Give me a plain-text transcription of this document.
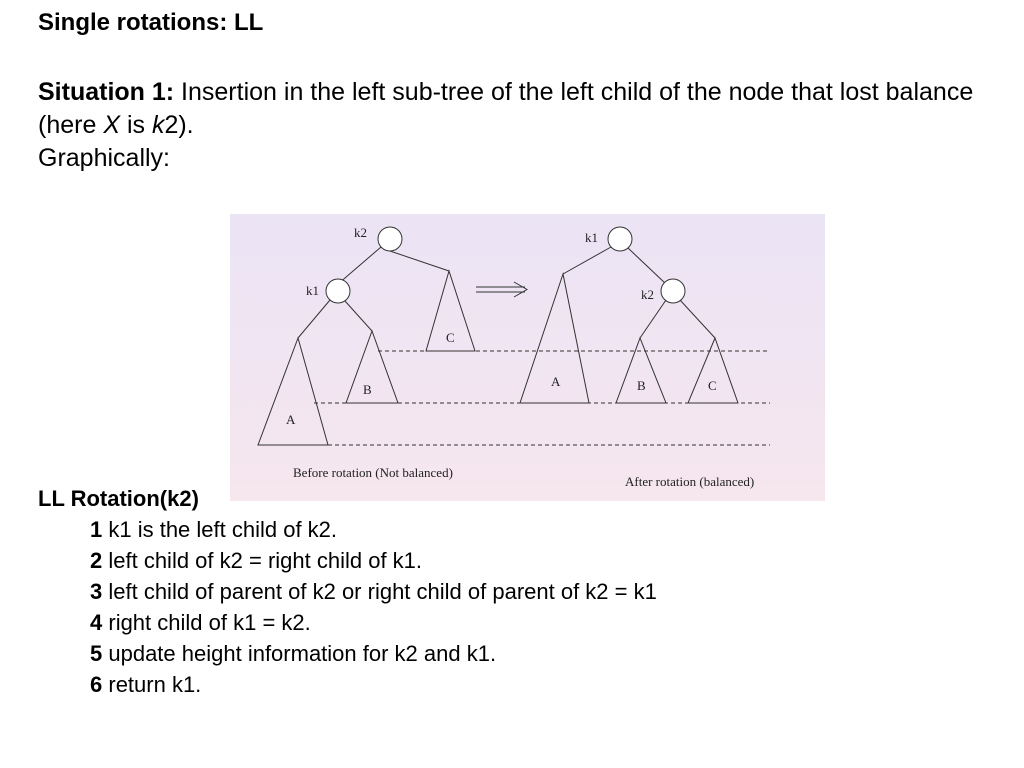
Single rotations: LL

Situation 1: Insertion in the left sub-tree of the left child of the node that lost balance (here X is k2).

Graphically:

k2
k1
A
B
C
Before rotation (Not balanced)
k1
k2
A	B	C
After rotation (balanced)
LL Rotation(k2)
1 k1 is the left child of k2.
2 left child of k2 = right child of k1.
3 left child of parent of k2 or right child of parent of k2 = k1
4 right child of k1 = k2.
5 update height information for k2 and k1.
6 return k1.
